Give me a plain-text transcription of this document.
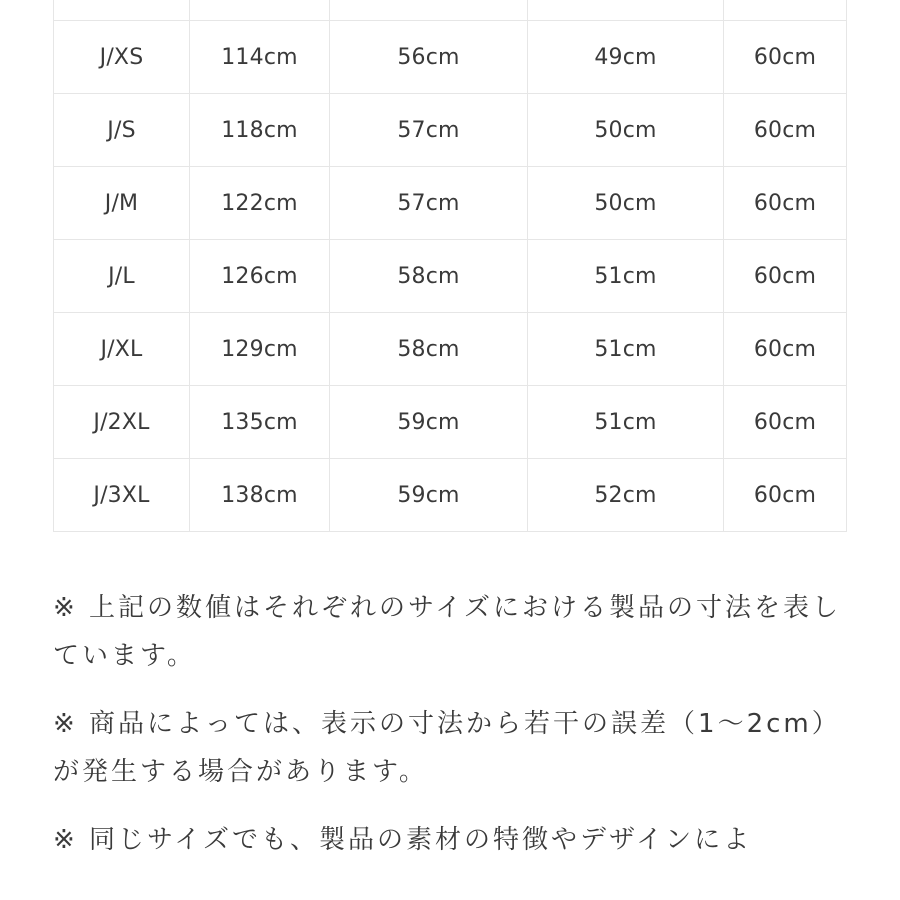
J/XS	114cm	56cm	49cm	60cm
J/S	118cm	57cm	50cm	60cm
J/M	122cm	57cm	50cm	60cm
J/L	126cm	58cm	51cm	60cm
J/XL	129cm	58cm	51cm	60cm
J/2XL	135cm	59cm	51cm	60cm
J/3XL	138cm	59cm	52cm	60cm

※ 上記の数値はそれぞれのサイズにおける製品の寸法を表しています。

※ 商品によっては、表示の寸法から若干の誤差（1～2cm）が発生する場合があります。

※ 同じサイズでも、製品の素材の特徴やデザインによ
